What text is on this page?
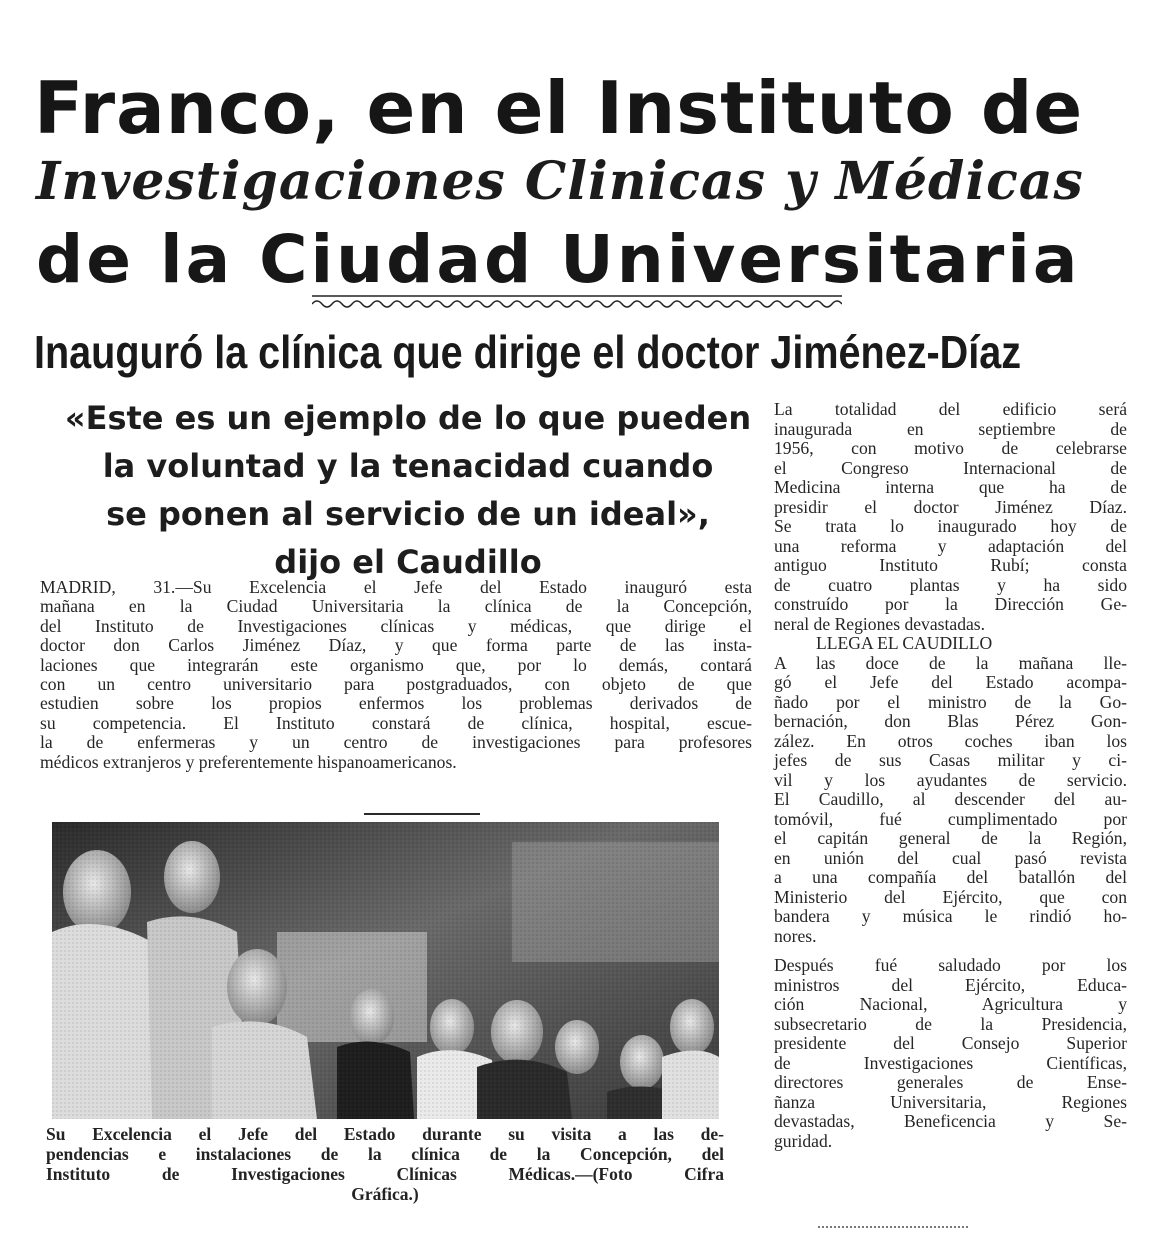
Franco, en el Instituto de
Investigaciones Clinicas y Médicas
de la Ciudad Universitaria
Inauguró la clínica que dirige el doctor Jiménez-Díaz
«Este es un ejemplo de lo que pueden
la voluntad y la tenacidad cuando
se ponen al servicio de un ideal»,
dijo el Caudillo
MADRID, 31.—Su Excelencia el Jefe del Estado inauguró esta
mañana en la Ciudad Universitaria la clínica de la Concepción,
del Instituto de Investigaciones clínicas y médicas, que dirige el
doctor don Carlos Jiménez Díaz, y que forma parte de las insta-
laciones que integrarán este organismo que, por lo demás, contará
con un centro universitario para postgraduados, con objeto de que
estudien sobre los propios enfermos los problemas derivados de
su competencia. El Instituto constará de clínica, hospital, escue-
la de enfermeras y un centro de investigaciones para profesores
médicos extranjeros y preferentemente hispanoamericanos.
Su Excelencia el Jefe del Estado durante su visita a las de-
pendencias e instalaciones de la clínica de la Concepción, del
Instituto de Investigaciones Clínicas Médicas.—(Foto Cifra
Gráfica.)
La totalidad del edificio será
inaugurada en septiembre de
1956, con motivo de celebrarse
el Congreso Internacional de
Medicina interna que ha de
presidir el doctor Jiménez Díaz.
Se trata lo inaugurado hoy de
una reforma y adaptación del
antiguo Instituto Rubí; consta
de cuatro plantas y ha sido
construído por la Dirección Ge-
neral de Regiones devastadas.
LLEGA EL CAUDILLO
A las doce de la mañana lle-
gó el Jefe del Estado acompa-
ñado por el ministro de la Go-
bernación, don Blas Pérez Gon-
zález. En otros coches iban los
jefes de sus Casas militar y ci-
vil y los ayudantes de servicio.
El Caudillo, al descender del au-
tomóvil, fué cumplimentado por
el capitán general de la Región,
en unión del cual pasó revista
a una compañía del batallón del
Ministerio del Ejército, que con
bandera y música le rindió ho-
nores.
Después fué saludado por los
ministros del Ejército, Educa-
ción Nacional, Agricultura y
subsecretario de la Presidencia,
presidente del Consejo Superior
de Investigaciones Científicas,
directores generales de Ense-
ñanza Universitaria, Regiones
devastadas, Beneficencia y Se-
guridad.
